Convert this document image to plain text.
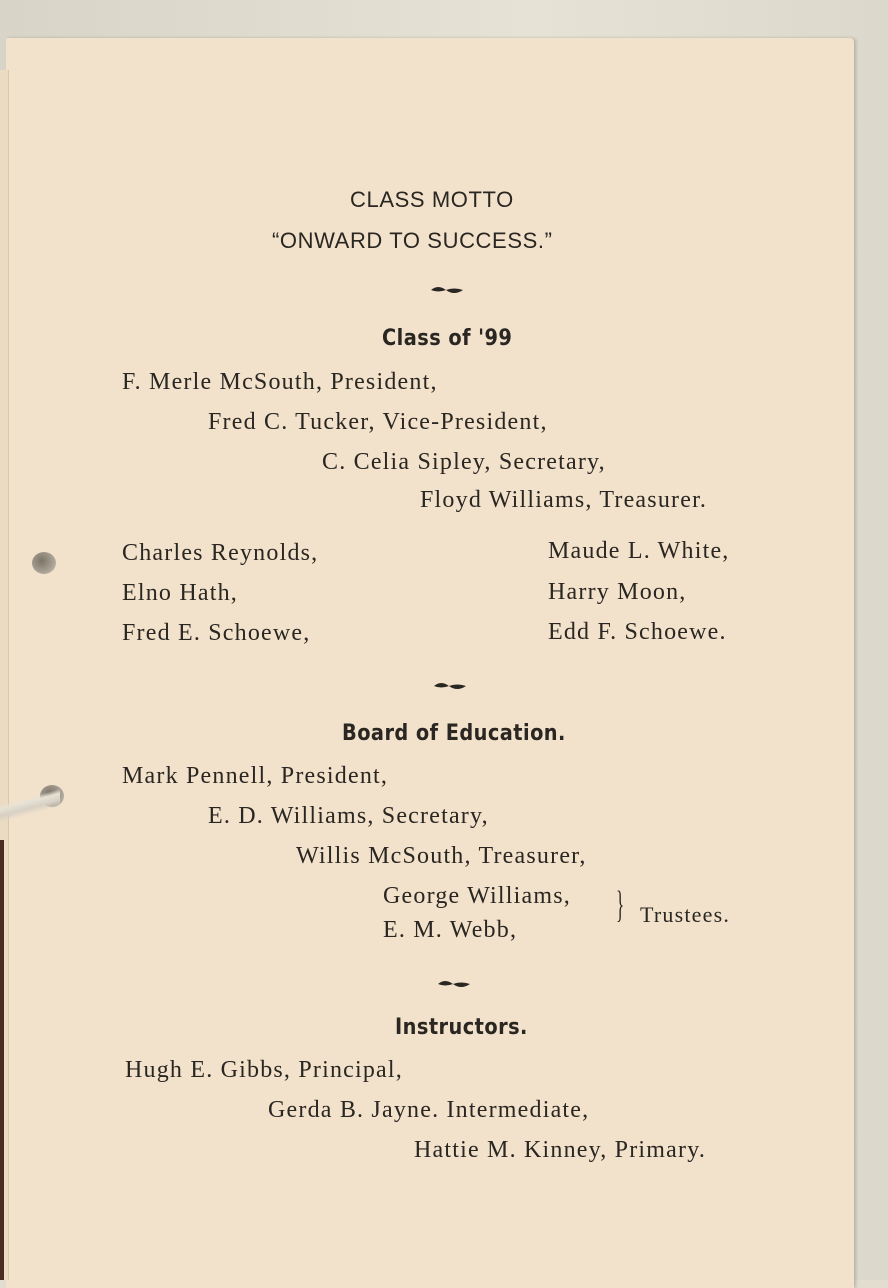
CLASS MOTTO
“ONWARD TO SUCCESS.”
Class of '99
F. Merle McSouth, President,
Fred C. Tucker, Vice-President,
C. Celia Sipley, Secretary,
Floyd Williams, Treasurer.
Charles Reynolds,
Elno Hath,
Fred E. Schoewe,
Maude L. White,
Harry Moon,
Edd F. Schoewe.
Board of Education.
Mark Pennell, President,
E. D. Williams, Secretary,
Willis McSouth, Treasurer,
George Williams,
E. M. Webb,
} Trustees.
Instructors.
Hugh E. Gibbs, Principal,
Gerda B. Jayne. Intermediate,
Hattie M. Kinney, Primary.
